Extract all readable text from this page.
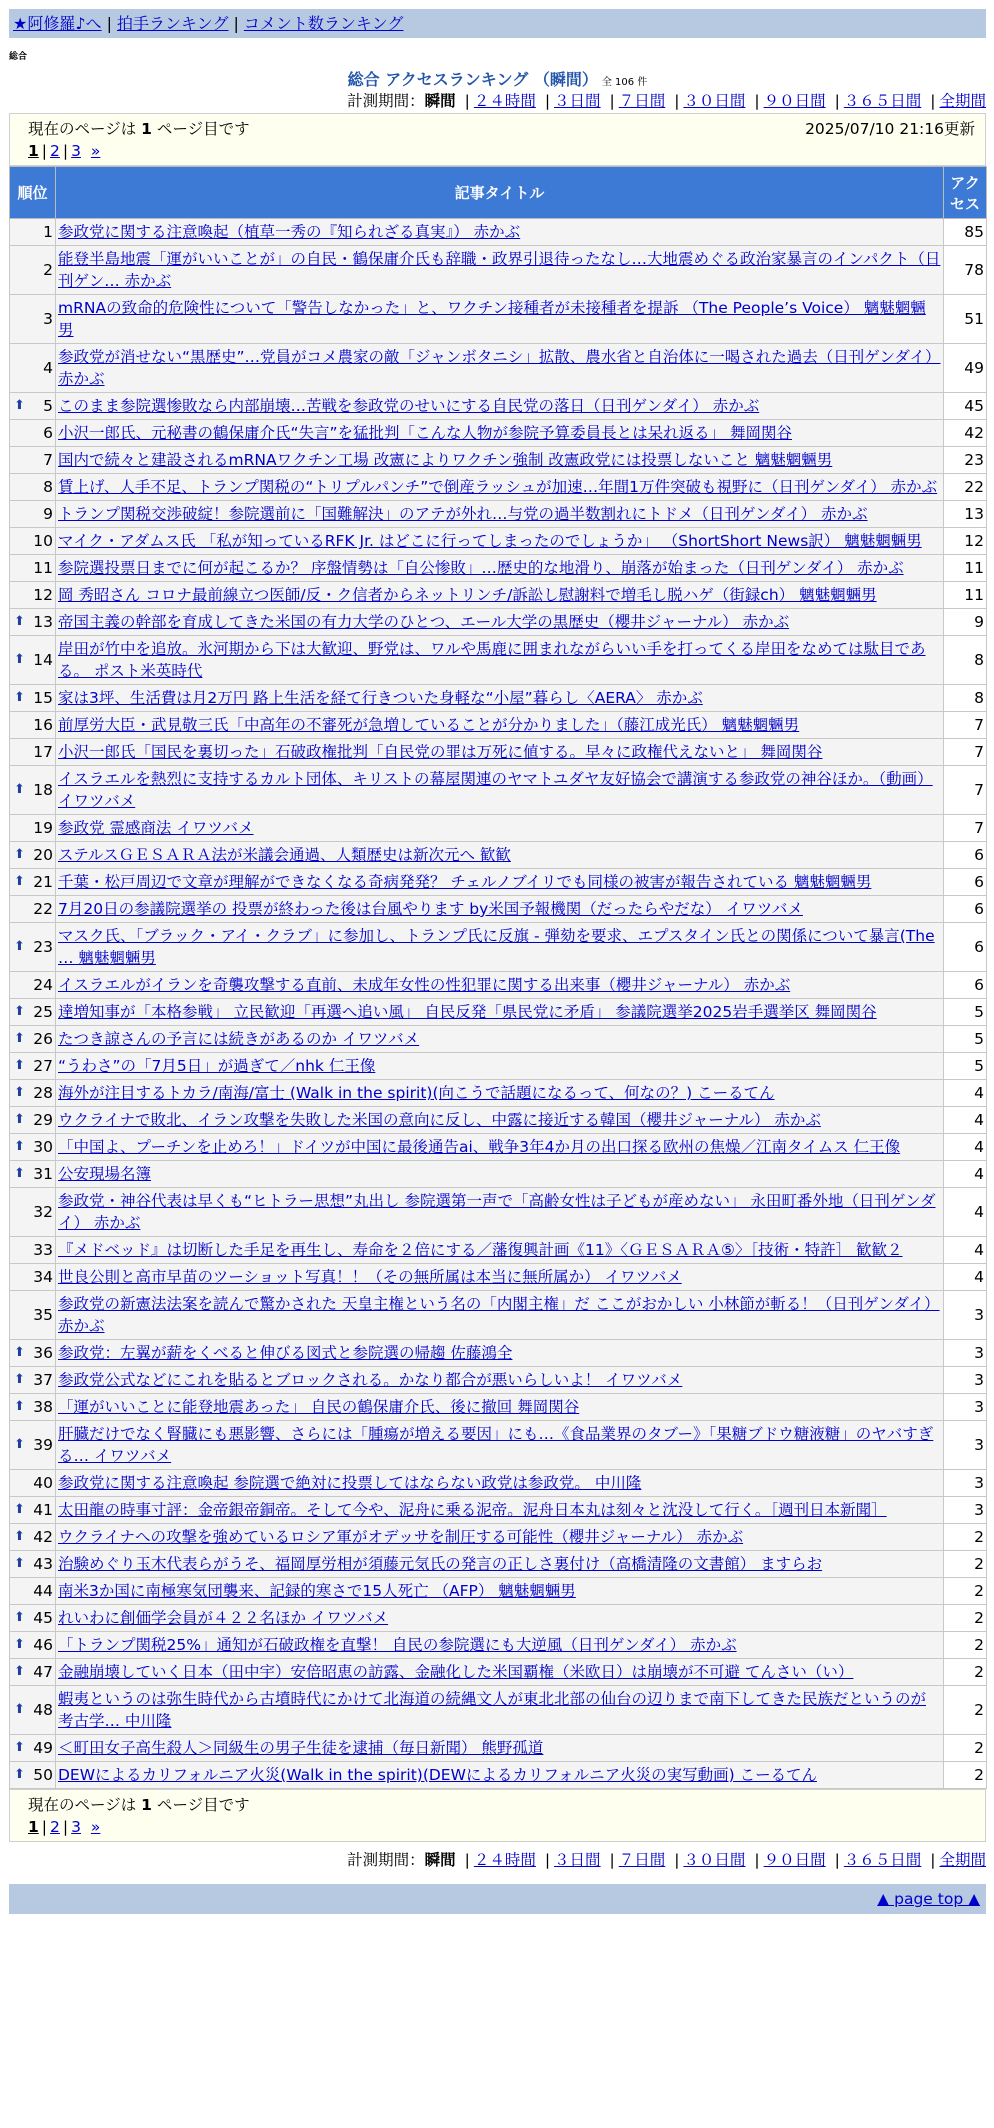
★阿修羅♪へ | 拍手ランキング | コメント数ランキング
総合
総合 アクセスランキング （瞬間） 全 106 件
計測期間：瞬間 | ２４時間 | ３日間 | ７日間 | ３０日間 | ９０日間 | ３６５日間 | 全期間
現在のページは 1 ページ目です	2025/07/10 21:16更新
1 | 2 | 3 »
順位	記事タイトル	アクセス
1	参政党に関する注意喚起（植草一秀の『知られざる真実』） 赤かぶ	85
2	能登半島地震「運がいいことが」の自民・鶴保庸介氏も辞職・政界引退待ったなし…大地震めぐる政治家暴言のインパクト（日刊ゲン… 赤かぶ	78
3	mRNAの致命的危険性について「警告しなかった」と、ワクチン接種者が未接種者を提訴 （The People’s Voice） 魑魅魍魎男	51
4	参政党が消せない“黒歴史”…党員がコメ農家の敵「ジャンボタニシ」拡散、農水省と自治体に一喝された過去（日刊ゲンダイ） 赤かぶ	49

⬆ 5	このまま参院選惨敗なら内部崩壊…苦戦を参政党のせいにする自民党の落日（日刊ゲンダイ） 赤かぶ	45
6	小沢一郎氏、元秘書の鶴保庸介氏“失言”を猛批判「こんな人物が参院予算委員長とは呆れ返る」 舞岡関谷	42
7	国内で続々と建設されるmRNAワクチン工場 改憲によりワクチン強制 改憲政党には投票しないこと 魑魅魍魎男	23
8	賃上げ、人手不足、トランプ関税の“トリプルパンチ”で倒産ラッシュが加速…年間1万件突破も視野に（日刊ゲンダイ） 赤かぶ	22
9	トランプ関税交渉破綻！参院選前に「国難解決」のアテが外れ…与党の過半数割れにトドメ（日刊ゲンダイ） 赤かぶ	13
10	マイク・アダムス氏 「私が知っているRFK Jr. はどこに行ってしまったのでしょうか」 （ShortShort News訳） 魑魅魍魎男	12
11	参院選投票日までに何が起こるか？ 序盤情勢は「自公惨敗」…歴史的な地滑り、崩落が始まった（日刊ゲンダイ） 赤かぶ	11
12	岡 秀昭さん コロナ最前線立つ医師/反・ク信者からネットリンチ/訴訟し慰謝料で増毛し脱ハゲ（街録ch） 魑魅魍魎男	11

⬆ 13	帝国主義の幹部を育成してきた米国の有力大学のひとつ、エール大学の黒歴史（櫻井ジャーナル） 赤かぶ	9

⬆ 14	岸田が竹中を追放。氷河期から下は大歓迎、野党は、ワルや馬鹿に囲まれながらいい手を打ってくる岸田をなめては駄目である。 ポスト米英時代	8

⬆ 15	家は3坪、生活費は月2万円 路上生活を経て行きついた身軽な“小屋”暮らし〈AERA〉 赤かぶ	8
16	前厚労大臣・武見敬三氏「中高年の不審死が急増していることが分かりました」（藤江成光氏） 魑魅魍魎男	7
17	小沢一郎氏「国民を裏切った」石破政権批判「自民党の罪は万死に値する。早々に政権代えないと」 舞岡関谷	7

⬆ 18	イスラエルを熱烈に支持するカルト団体、キリストの幕屋関連のヤマトユダヤ友好協会で講演する参政党の神谷ほか。（動画） イワツバメ	7
19	参政党 霊感商法 イワツバメ	7

⬆ 20	ステルスＧＥＳＡＲＡ法が米議会通過、人類歴史は新次元へ 歓歓	6

⬆ 21	千葉・松戸周辺で文章が理解ができなくなる奇病発発？ チェルノブイリでも同様の被害が報告されている 魑魅魍魎男	6
22	7月20日の参議院選挙の 投票が終わった後は台風やります by米国予報機関（だったらやだな） イワツバメ	6

⬆ 23	マスク氏、「ブラック・アイ・クラブ」に参加し、トランプ氏に反旗 - 弾劾を要求、エプスタイン氏との関係について暴言(The … 魑魅魍魎男	6
24	イスラエルがイランを奇襲攻撃する直前、未成年女性の性犯罪に関する出来事（櫻井ジャーナル） 赤かぶ	6

⬆ 25	達増知事が「本格参戦」 立民歓迎「再選へ追い風」 自民反発「県民党に矛盾」 参議院選挙2025岩手選挙区 舞岡関谷	5

⬆ 26	たつき諒さんの予言には続きがあるのか イワツバメ	5

⬆ 27	“うわさ”の「7月5日」が過ぎて／nhk 仁王像	5

⬆ 28	海外が注目するトカラ/南海/富士 (Walk in the spirit)(向こうで話題になるって、何なの？) こーるてん	4

⬆ 29	ウクライナで敗北、イラン攻撃を失敗した米国の意向に反し、中露に接近する韓国（櫻井ジャーナル） 赤かぶ	4

⬆ 30	「中国よ、プーチンを止めろ！」ドイツが中国に最後通告ai、戦争3年4か月の出口探る欧州の焦燥／江南タイムス 仁王像	4

⬆ 31	公安現場名簿	4
32	参政党・神谷代表は早くも“ヒトラー思想”丸出し 参院選第一声で「高齢女性は子どもが産めない」 永田町番外地（日刊ゲンダイ） 赤かぶ	4
33	『メドベッド』は切断した手足を再生し、寿命を２倍にする／藩復興計画《11》〈ＧＥＳＡＲＡ⑤〉［技術・特許］ 歓歓２	4
34	世良公則と高市早苗のツーショット写真！！（その無所属は本当に無所属か） イワツバメ	4
35	参政党の新憲法法案を読んで驚かされた 天皇主権という名の「内閣主権」だ ここがおかしい 小林節が斬る！（日刊ゲンダイ） 赤かぶ	3

⬆ 36	参政党：左翼が薪をくべると伸びる図式と参院選の帰趨 佐藤鴻全	3

⬆ 37	参政党公式などにこれを貼るとブロックされる。かなり都合が悪いらしいよ！ イワツバメ	3

⬆ 38	「運がいいことに能登地震あった」 自民の鶴保庸介氏、後に撤回 舞岡関谷	3

⬆ 39	肝臓だけでなく腎臓にも悪影響、さらには「腫瘍が増える要因」にも…《食品業界のタブー》「果糖ブドウ糖液糖」のヤバすぎる… イワツバメ	3
40	参政党に関する注意喚起 参院選で絶対に投票してはならない政党は参政党。 中川隆	3

⬆ 41	太田龍の時事寸評：金帝銀帝銅帝。そして今や、泥舟に乗る泥帝。泥舟日本丸は刻々と沈没して行く。［週刊日本新聞］	3

⬆ 42	ウクライナへの攻撃を強めているロシア軍がオデッサを制圧する可能性（櫻井ジャーナル） 赤かぶ	2

⬆ 43	治験めぐり玉木代表らがうそ、福岡厚労相が須藤元気氏の発言の正しさ裏付け（高橋清隆の文書館） ますらお	2
44	南米3か国に南極寒気団襲来、記録的寒さで15人死亡 （AFP） 魑魅魍魎男	2

⬆ 45	れいわに創価学会員が４２２名ほか イワツバメ	2

⬆ 46	「トランプ関税25%」通知が石破政権を直撃！ 自民の参院選にも大逆風（日刊ゲンダイ） 赤かぶ	2

⬆ 47	金融崩壊していく日本（田中宇）安倍昭恵の訪露、金融化した米国覇権（米欧日）は崩壊が不可避 てんさい（い）	2

⬆ 48	蝦夷というのは弥生時代から古墳時代にかけて北海道の続縄文人が東北北部の仙台の辺りまで南下してきた民族だというのが考古学… 中川隆	2

⬆ 49	＜町田女子高生殺人＞同級生の男子生徒を逮捕（毎日新聞） 熊野孤道	2

⬆ 50	DEWによるカリフォルニア火災(Walk in the spirit)(DEWによるカリフォルニア火災の実写動画) こーるてん	2
現在のページは 1 ページ目です
1 | 2 | 3 »
計測期間：瞬間 | ２４時間 | ３日間 | ７日間 | ３０日間 | ９０日間 | ３６５日間 | 全期間
▲ page top ▲
